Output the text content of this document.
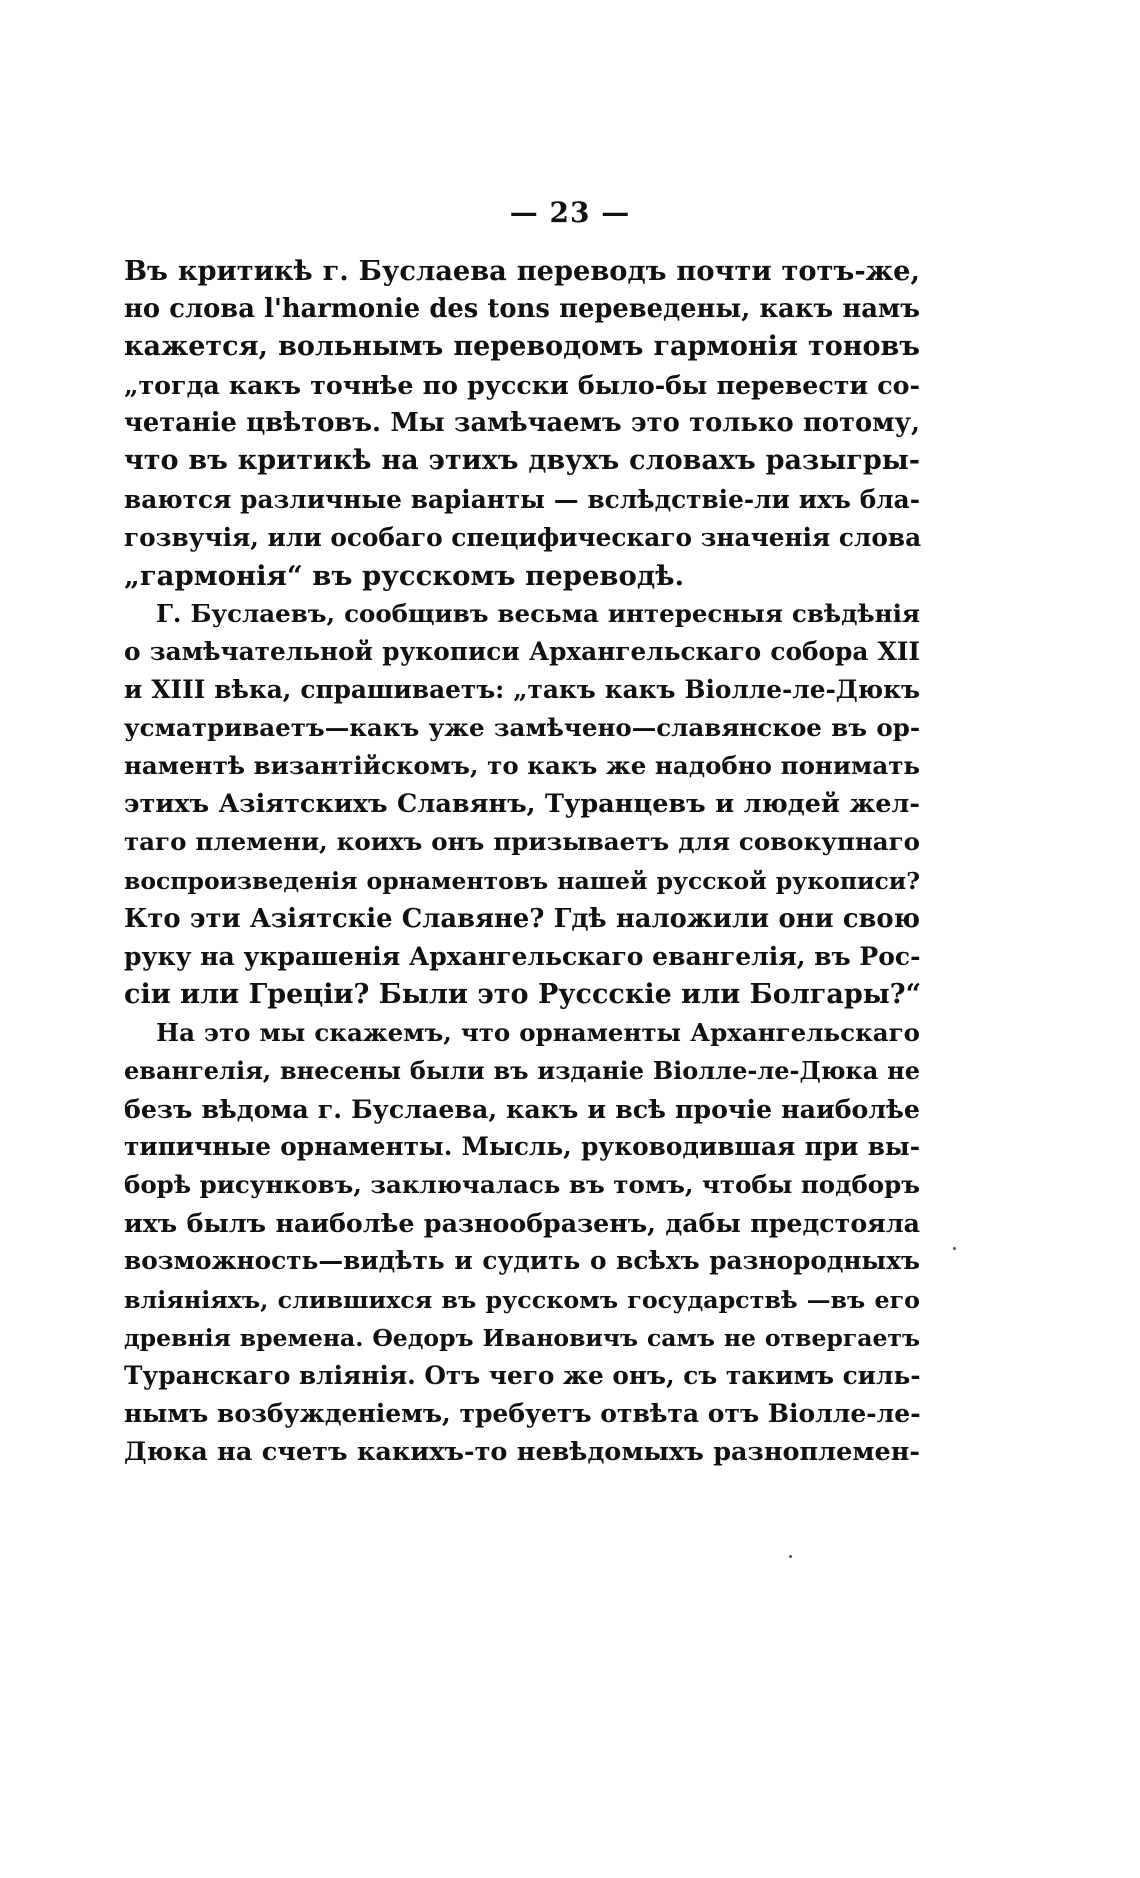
— 23 —
Въ критикѣ г. Буслаева переводъ почти тотъ-же,
но слова l'harmonie des tons переведены, какъ намъ
кажется, вольнымъ переводомъ гармонія тоновъ
„тогда какъ точнѣе по русски было-бы перевести со-
четаніе цвѣтовъ. Мы замѣчаемъ это только потому,
что въ критикѣ на этихъ двухъ словахъ разыгры-
ваются различные варіанты — вслѣдствіе-ли ихъ бла-
гозвучія, или особаго специфическаго значенія слова
„гармонія“ въ русскомъ переводѣ.
Г. Буслаевъ, сообщивъ весьма интересныя свѣдѣнія
о замѣчательной рукописи Архангельскаго собора XII
и XIII вѣка, спрашиваетъ: „такъ какъ Віолле-ле-Дюкъ
усматриваетъ—какъ уже замѣчено—славянское въ ор-
наментѣ византійскомъ, то какъ же надобно понимать
этихъ Азіятскихъ Славянъ, Туранцевъ и людей жел-
таго племени, коихъ онъ призываетъ для совокупнаго
воспроизведенія орнаментовъ нашей русской рукописи?
Кто эти Азіятскіе Славяне? Гдѣ наложили они свою
руку на украшенія Архангельскаго евангелія, въ Рос-
сіи или Греціи? Были это Руссскіе или Болгары?“
На это мы скажемъ, что орнаменты Архангельскаго
евангелія, внесены были въ изданіе Віолле-ле-Дюка не
безъ вѣдома г. Буслаева, какъ и всѣ прочіе наиболѣе
типичные орнаменты. Мысль, руководившая при вы-
борѣ рисунковъ, заключалась въ томъ, чтобы подборъ
ихъ былъ наиболѣе разнообразенъ, дабы предстояла
возможность—видѣть и судить о всѣхъ разнородныхъ
вліяніяхъ, слившихся въ русскомъ государствѣ —въ его
древнія времена. Өедоръ Ивановичъ самъ не отвергаетъ
Туранскаго вліянія. Отъ чего же онъ, съ такимъ силь-
нымъ возбужденіемъ, требуетъ отвѣта отъ Віолле-ле-
Дюка на счетъ какихъ-то невѣдомыхъ разноплемен-
